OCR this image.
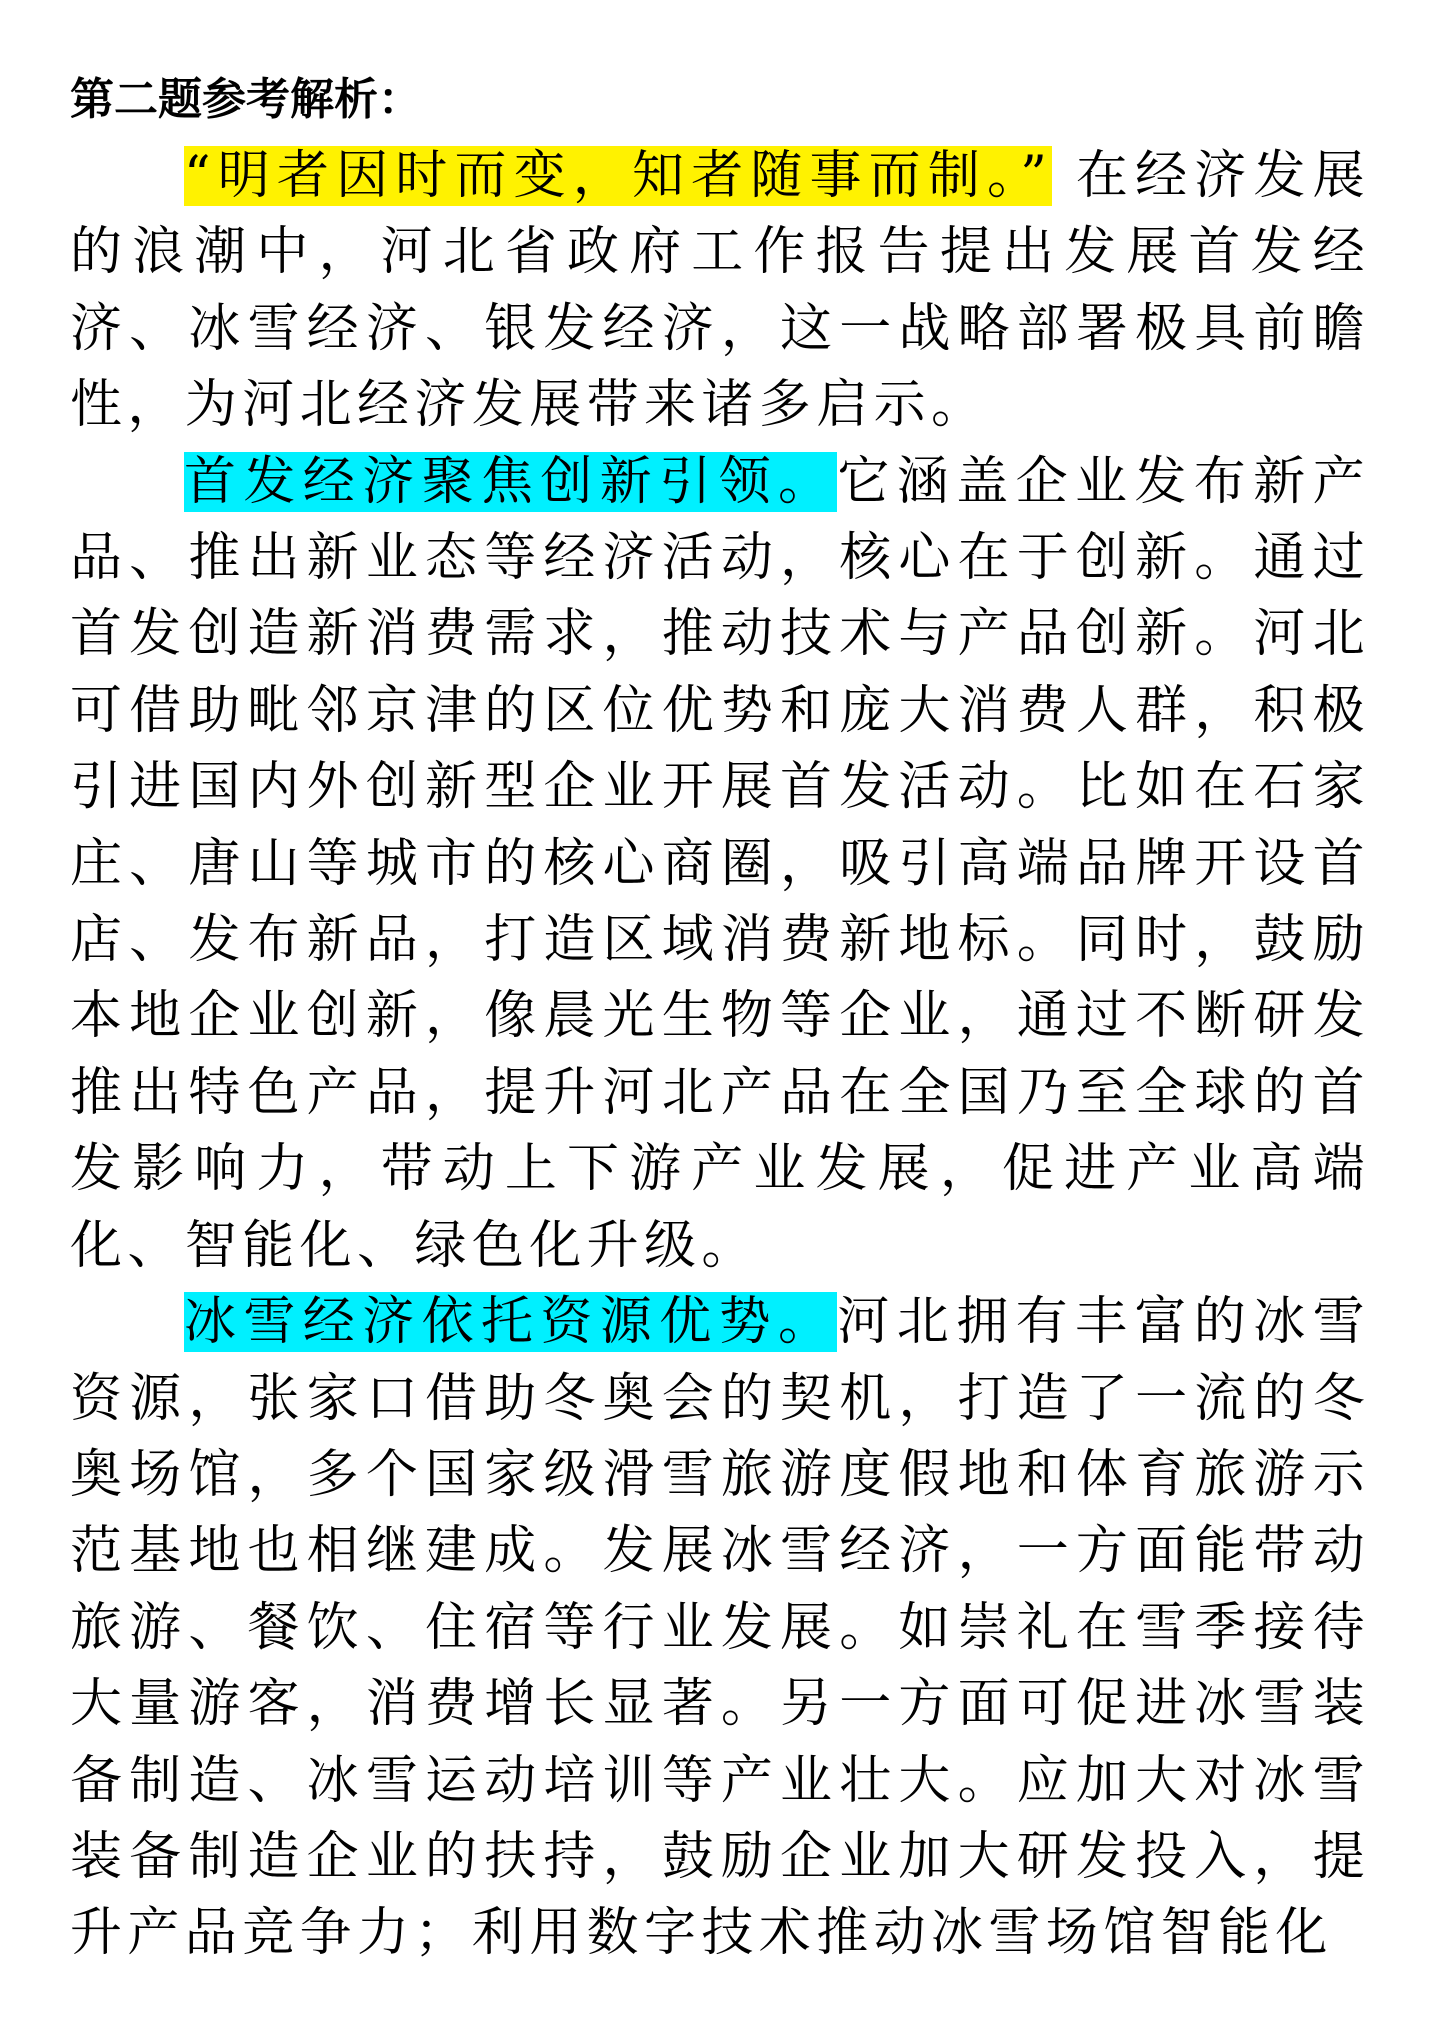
第二题参考解析：

“明者因时而变，知者随事而制。” 在经济发展的浪潮中，河北省政府工作报告提出发展首发经济、冰雪经济、银发经济，这一战略部署极具前瞻性，为河北经济发展带来诸多启示。

首发经济聚焦创新引领。它涵盖企业发布新产品、推出新业态等经济活动，核心在于创新。通过首发创造新消费需求，推动技术与产品创新。河北可借助毗邻京津的区位优势和庞大消费人群，积极引进国内外创新型企业开展首发活动。比如在石家庄、唐山等城市的核心商圈，吸引高端品牌开设首店、发布新品，打造区域消费新地标。同时，鼓励本地企业创新，像晨光生物等企业，通过不断研发推出特色产品，提升河北产品在全国乃至全球的首发影响力，带动上下游产业发展，促进产业高端化、智能化、绿色化升级。

冰雪经济依托资源优势。河北拥有丰富的冰雪资源，张家口借助冬奥会的契机，打造了一流的冬奥场馆，多个国家级滑雪旅游度假地和体育旅游示范基地也相继建成。发展冰雪经济，一方面能带动旅游、餐饮、住宿等行业发展。如崇礼在雪季接待大量游客，消费增长显著。另一方面可促进冰雪装备制造、冰雪运动培训等产业壮大。应加大对冰雪装备制造企业的扶持，鼓励企业加大研发投入，提升产品竞争力；利用数字技术推动冰雪场馆智能化
